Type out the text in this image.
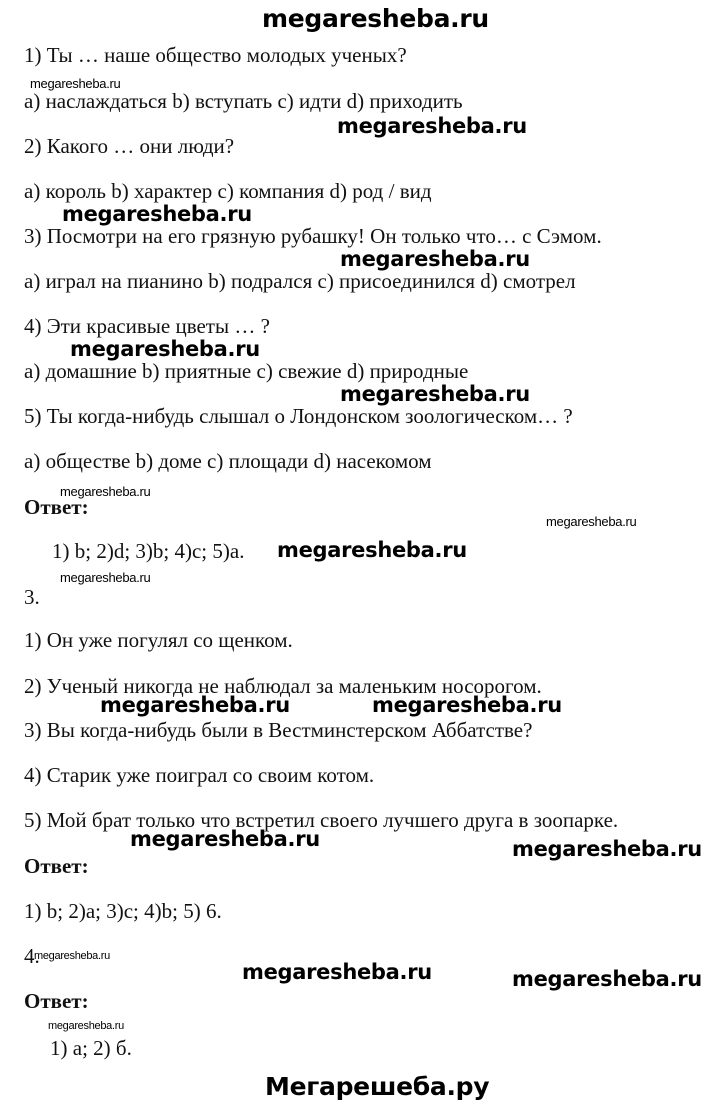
megaresheba.ru
1) Ты … наше общество молодых ученых?
a) наслаждаться b) вступать c) идти d) приходить
2) Какого … они люди?
a) король b) характер c) компания d) род / вид
3) Посмотри на его грязную рубашку! Он только что… с Сэмом.
a) играл на пианино b) подрался c) присоединился d) смотрел
4) Эти красивые цветы … ?
a) домашние b) приятные c) свежие d) природные
5) Ты когда-нибудь слышал о Лондонском зоологическом… ?
a) обществе b) доме c) площади d) насекомом
Ответ:
1) b; 2)d; 3)b; 4)c; 5)a.
3.
1) Он уже погулял со щенком.
2) Ученый никогда не наблюдал за маленьким носорогом.
3) Вы когда-нибудь были в Вестминстерском Аббатстве?
4) Старик уже поиграл со своим котом.
5) Мой брат только что встретил своего лучшего друга в зоопарке.
Ответ:
1) b; 2)a; 3)c; 4)b; 5) 6.
4.
Ответ:
1) a; 2) б.
megaresheba.ru
megaresheba.ru
megaresheba.ru
megaresheba.ru
megaresheba.ru
megaresheba.ru
megaresheba.ru	megaresheba.ru
megaresheba.ru	megaresheba.ru
megaresheba.ru	megaresheba.ru
megaresheba.ru
megaresheba.ru
megaresheba.ru
megaresheba.ru
megaresheba.ru
megaresheba.ru
Мегарешеба.ру
